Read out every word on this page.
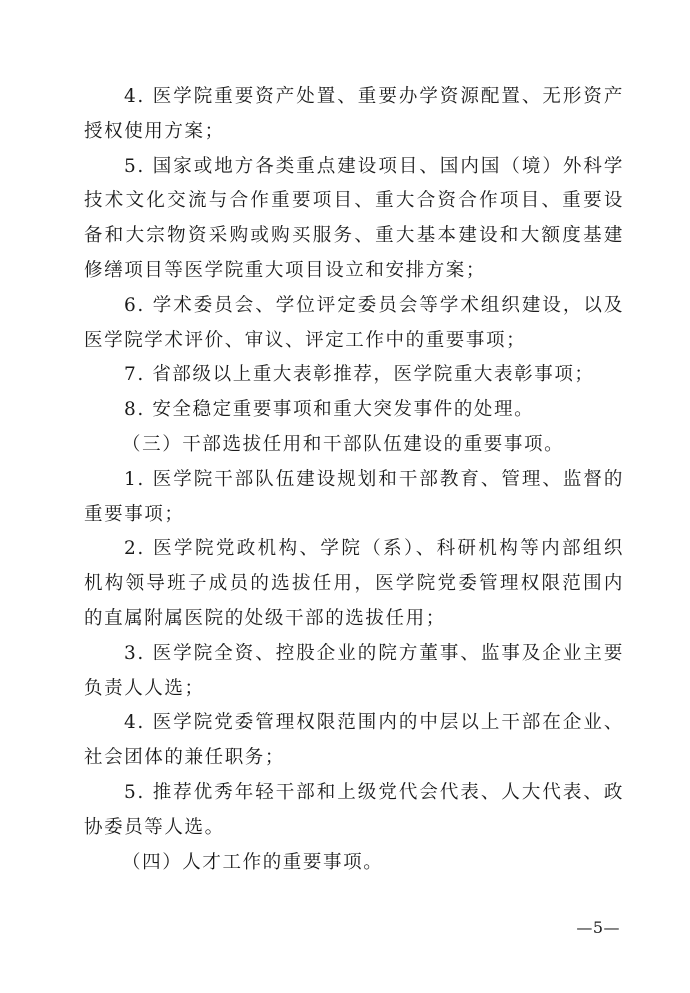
4. 医学院重要资产处置、重要办学资源配置、无形资产授权使用方案；

5. 国家或地方各类重点建设项目、国内国（境）外科学技术文化交流与合作重要项目、重大合资合作项目、重要设备和大宗物资采购或购买服务、重大基本建设和大额度基建修缮项目等医学院重大项目设立和安排方案；

6. 学术委员会、学位评定委员会等学术组织建设，以及医学院学术评价、审议、评定工作中的重要事项；

7. 省部级以上重大表彰推荐，医学院重大表彰事项；

8. 安全稳定重要事项和重大突发事件的处理。

（三）干部选拔任用和干部队伍建设的重要事项。

1. 医学院干部队伍建设规划和干部教育、管理、监督的重要事项；

2. 医学院党政机构、学院（系）、科研机构等内部组织机构领导班子成员的选拔任用，医学院党委管理权限范围内的直属附属医院的处级干部的选拔任用；

3. 医学院全资、控股企业的院方董事、监事及企业主要负责人人选；

4. 医学院党委管理权限范围内的中层以上干部在企业、社会团体的兼任职务；

5. 推荐优秀年轻干部和上级党代会代表、人大代表、政协委员等人选。

（四）人才工作的重要事项。

—5—
